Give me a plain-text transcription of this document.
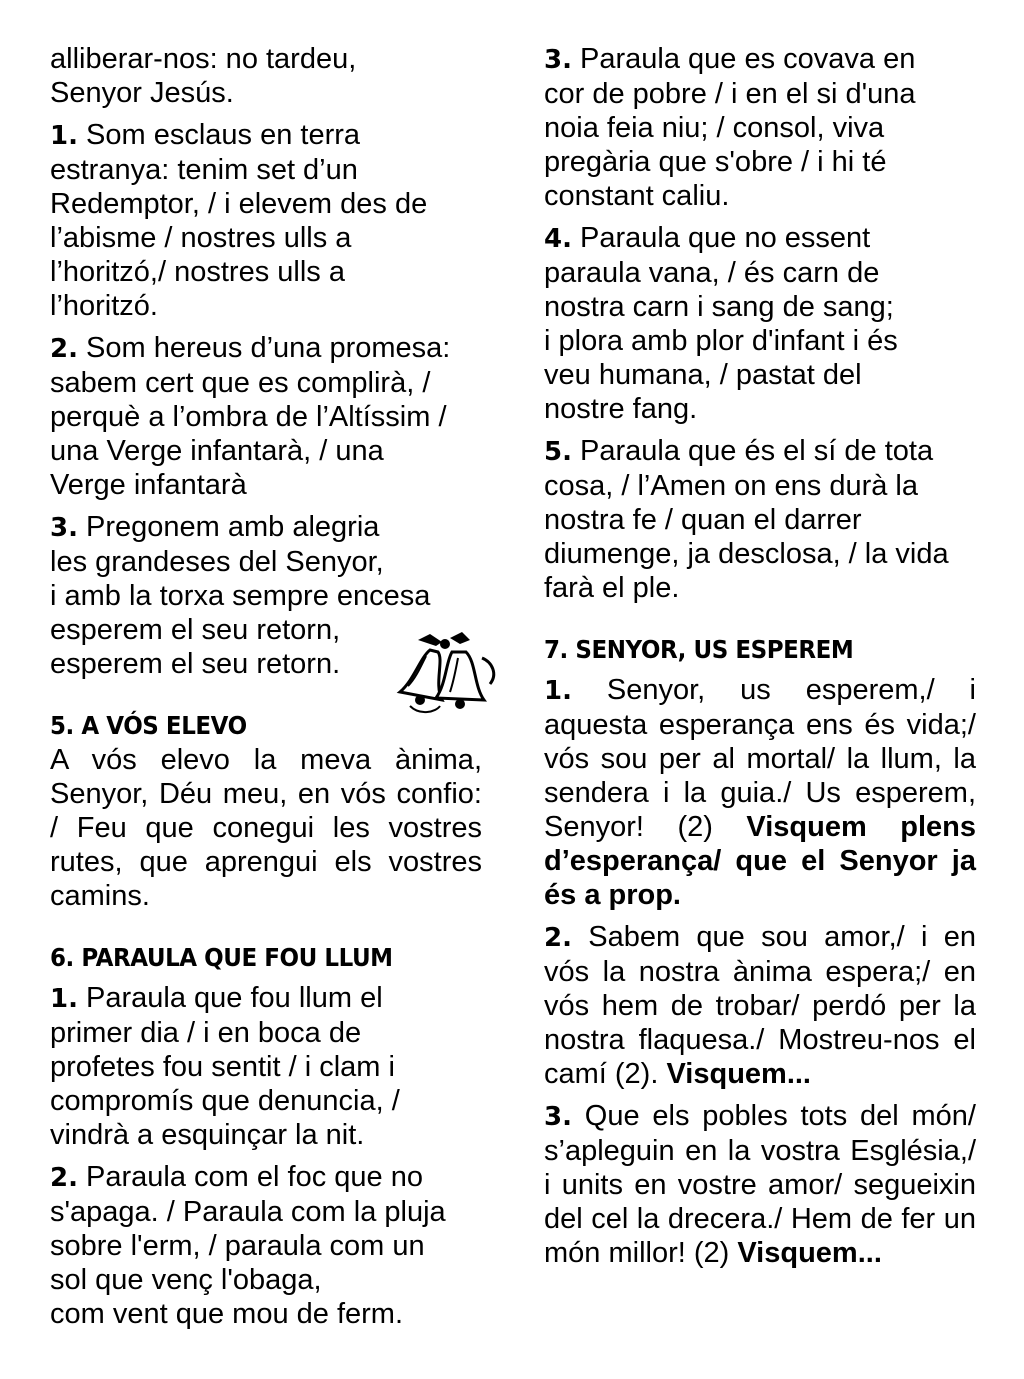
alliberar-nos: no tardeu,
Senyor Jesús.

1. Som esclaus en terra
estranya: tenim set d’un
Redemptor, / i elevem des de
l’abisme / nostres ulls a
l’horitzó,/ nostres ulls a
l’horitzó.

2. Som hereus d’una promesa:
sabem cert que es complirà, /
perquè a l’ombra de l’Altíssim /
una Verge infantarà, / una
Verge infantarà

3. Pregonem amb alegria
les grandeses del Senyor,
i amb la torxa sempre encesa
esperem el seu retorn,
esperem el seu retorn.

5. A VÓS ELEVO

A vós elevo la meva ànima, Senyor, Déu meu, en vós confio: / Feu que conegui les vostres rutes, que aprengui els vostres camins.

6. PARAULA QUE FOU LLUM

1. Paraula que fou llum el
primer dia / i en boca de
profetes fou sentit / i clam i
compromís que denuncia, /
vindrà a esquinçar la nit.

2. Paraula com el foc que no
s'apaga. / Paraula com la pluja
sobre l'erm, / paraula com un
sol que venç l'obaga,
com vent que mou de ferm.

3. Paraula que es covava en
cor de pobre / i en el si d'una
noia feia niu; / consol, viva
pregària que s'obre / i hi té
constant caliu.

4. Paraula que no essent
paraula vana, / és carn de
nostra carn i sang de sang;
i plora amb plor d'infant i és
veu humana, / pastat del
nostre fang.

5. Paraula que és el sí de tota
cosa, / l’Amen on ens durà la
nostra fe / quan el darrer
diumenge, ja desclosa, / la vida
farà el ple.

7. SENYOR, US ESPEREM

1. Senyor, us esperem,/ i aquesta esperança ens és vida;/ vós sou per al mortal/ la llum, la sendera i la guia./ Us esperem, Senyor! (2) Visquem plens d’esperança/ que el Senyor ja és a prop.

2. Sabem que sou amor,/ i en vós la nostra ànima espera;/ en vós hem de trobar/ perdó per la nostra flaquesa./ Mostreu-nos el camí (2). Visquem...

3. Que els pobles tots del món/ s’apleguin en la vostra Església,/ i units en vostre amor/ segueixin del cel la drecera./ Hem de fer un món millor! (2) Visquem...
